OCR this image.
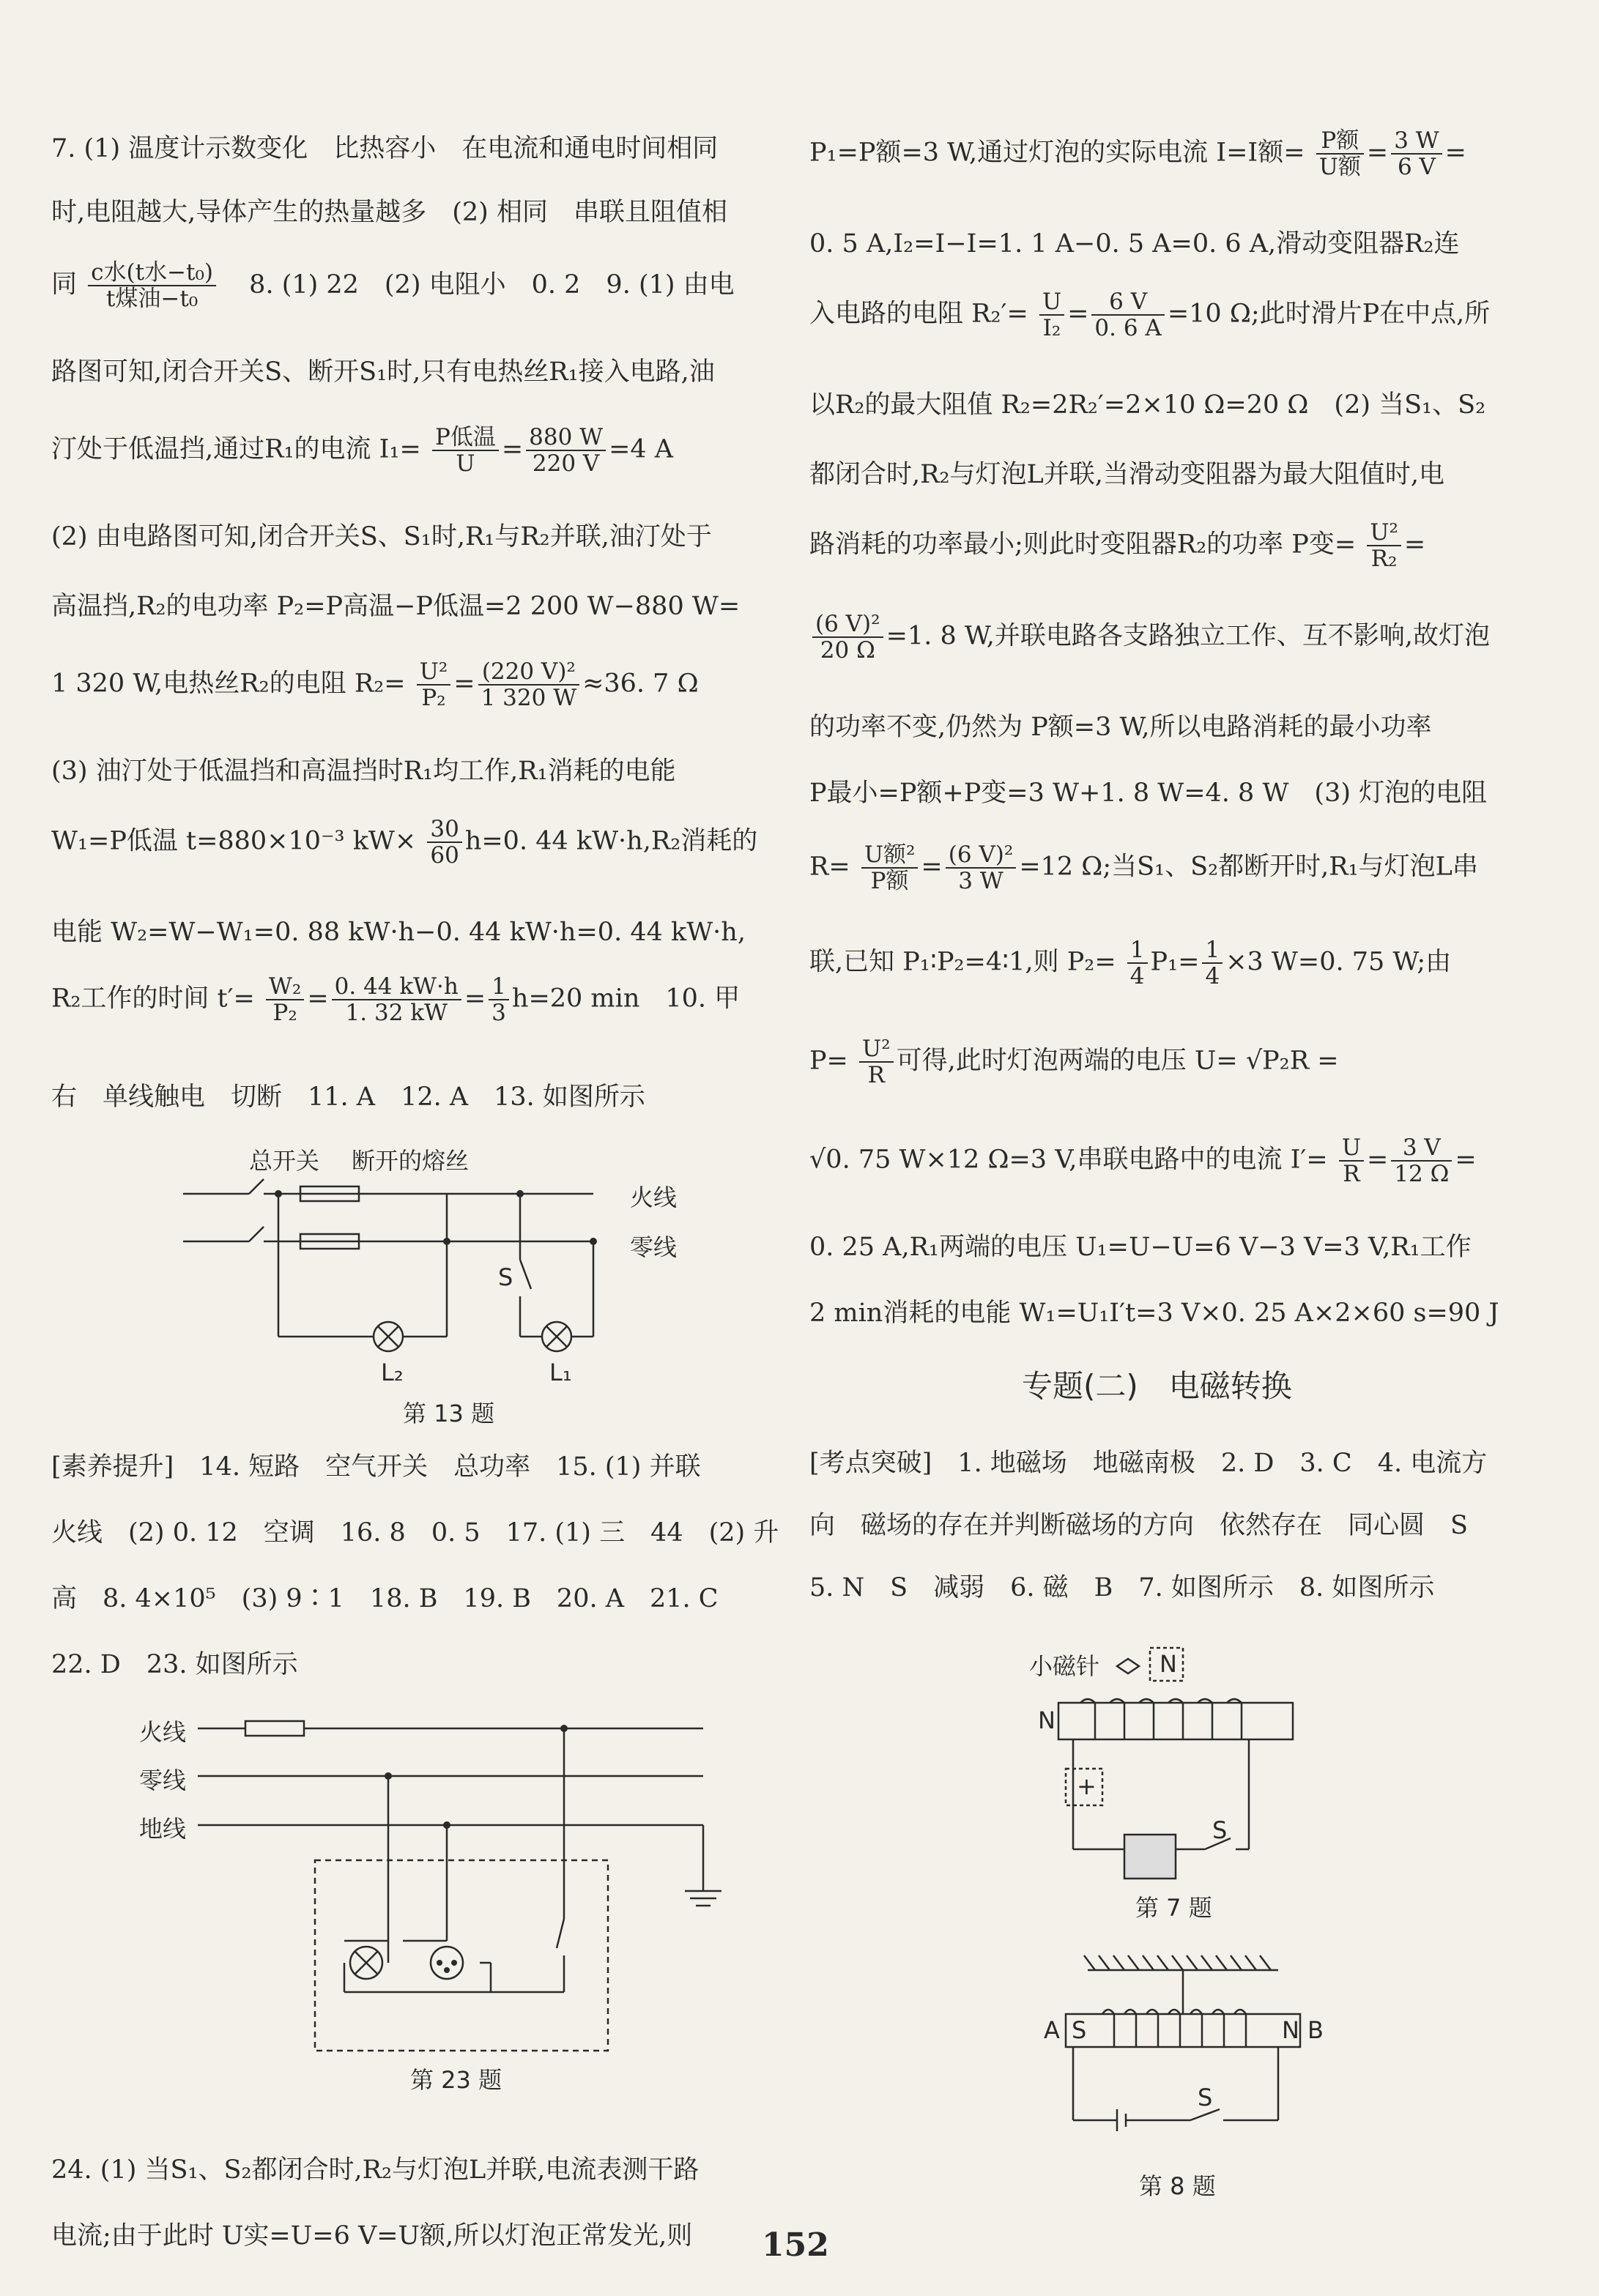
7. (1) 温度计示数变化　比热容小　在电流和通电时间相同
时,电阻越大,导体产生的热量越多　(2) 相同　串联且阻值相
同 $\frac{\text{c水(t水−t₀)}}{\text{t煤油−t₀}} 8$. (1) 22　(2) 电阻小　0. 2　9. (1) 由电
路图可知,闭合开关S、断开S₁时,只有电热丝R₁接入电路,油
汀处于低温挡,通过R₁的电流 $I_1= \frac{\text{P低温}}{U} = \frac{880 W}{220 V} =4$ A
(2) 由电路图可知,闭合开关S、S₁时,R₁与R₂并联,油汀处于
高温挡,R₂的电功率 P₂=P高温−P低温=2 200 W−880 W=
1 320 W,电热丝R₂的电阻 $R_2= \frac{\text{U²}}{\text{P₂}} = \frac{\text{(220 V)²}}{1 320 W} \approx 36$. 7 Ω
(3) 油汀处于低温挡和高温挡时R₁均工作,R₁消耗的电能
W₁=P低温 t=880×10⁻³ $kW\times \frac{30}{60} h=0$. 44 kW·h,R₂消耗的
电能 W₂=W−W₁=0. 88 kW·h−0. 44 kW·h=0. 44 kW·h,
R₂工作的时间 $t'= \frac{\text{W₂}}{\text{P₂}} = \frac{0. 44 kW\cdot h}{1. 32 kW} = \frac{1}{3} h=20$ min　10. 甲
右　单线触电　切断　11. A　12. A　13. 如图所示
总开关 断开的熔丝
火线
零线
S
L₂	L₁
第 13 题
[素养提升]　14. 短路　空气开关　总功率　15. (1) 并联
火线　(2) 0. 12　空调　16. 8　0. 5　17. (1) 三　44　(2) 升
高　8. 4×10⁵　(3) 9∶1　18. B　19. B　20. A　21. C
22. D　23. 如图所示
火线
零线
地线
第 23 题
24. (1) 当S₁、S₂都闭合时,R₂与灯泡L并联,电流表测干路
电流;由于此时 U实=U=6 V=U额,所以灯泡正常发光,则
P₁=P额=3 W,通过灯泡的实际电流 I=I额= $\frac{\text{P额}}{\text{U额}} = \frac{3 W}{6 V}$ =
0. 5 A,I₂=I−I=1. 1 A−0. 5 A=0. 6 A,滑动变阻器R₂连
入电路的电阻 $R_2'= \frac{U}{\text{I₂}} = \frac{6 V}{0. 6 A} =10$ Ω;此时滑片P在中点,所
以R₂的最大阻值 R₂=2R₂′=2×10 Ω=20 Ω　(2) 当S₁、S₂
都闭合时,R₂与灯泡L并联,当滑动变阻器为最大阻值时,电
路消耗的功率最小;则此时变阻器R₂的功率 P变= $\frac{\text{U²}}{\text{R₂}}$ =
$\frac{\text{(6 V)²}}{20 \Omega} =1$. 8 W,并联电路各支路独立工作、互不影响,故灯泡
的功率不变,仍然为 P额=3 W,所以电路消耗的最小功率
P最小=P额+P变=3 W+1. 8 W=4. 8 W　(3) 灯泡的电阻
$R= \frac{\text{U额²}}{\text{P额}} = \frac{\text{(6 V)²}}{3 W} =12$ Ω;当S₁、S₂都断开时,R₁与灯泡L串
联,已知 P₁∶P₂=4∶1,则 $P_2= \frac{1}{4} P_1= \frac{1}{4} \times 3$ W=0. 75 W;由
$P= \frac{\text{U²}}{R}$ 可得,此时灯泡两端的电压 U= √P₂R =
√0. 75 W×12 Ω=3 V,串联电路中的电流 $I'= \frac{U}{R} = \frac{3 V}{12 \Omega}$ =
0. 25 A,R₁两端的电压 U₁=U−U=6 V−3 V=3 V,R₁工作
2 min消耗的电能 W₁=U₁I′t=3 V×0. 25 A×2×60 s=90 J
专题(二)　电磁转换
[考点突破]　1. 地磁场　地磁南极　2. D　3. C　4. 电流方
向　磁场的存在并判断磁场的方向　依然存在　同心圆　S
5. N　S　减弱　6. 磁　B　7. 如图所示　8. 如图所示
小磁针	N
N
+
S
第 7 题
A S	N B
S
第 8 题
152
